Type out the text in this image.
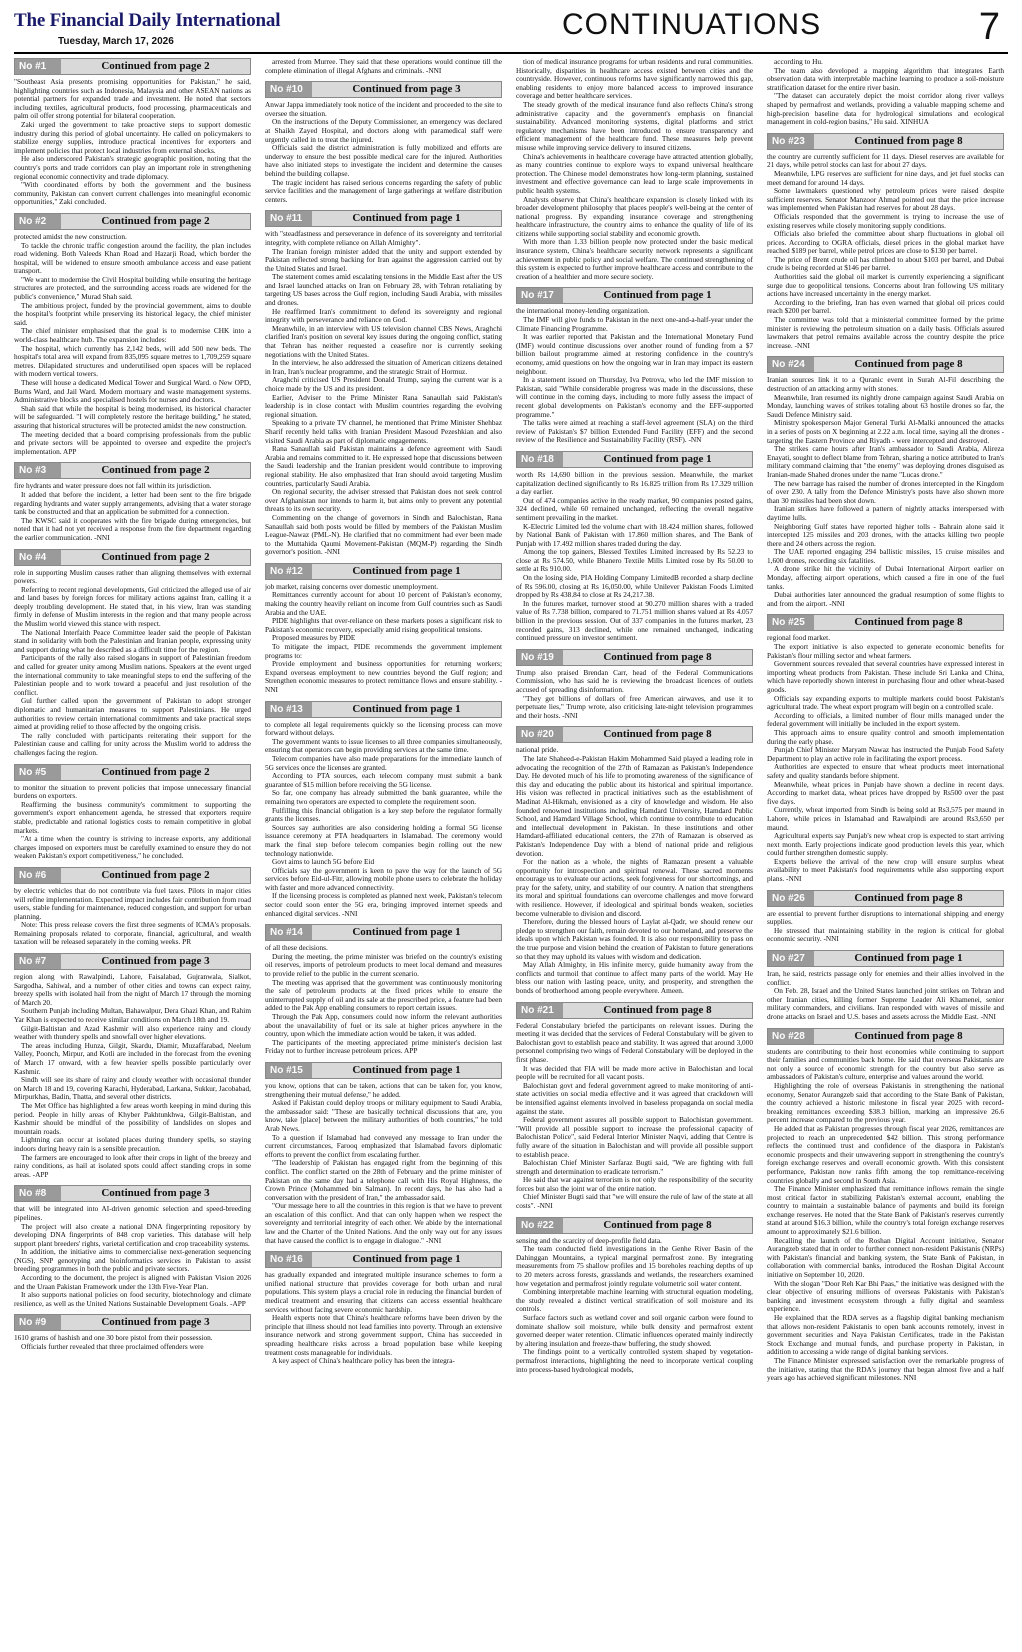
The Financial Daily International
Tuesday, March 17, 2026
CONTINUATIONS	7
No #1	Continued from page 2

"Southeast Asia presents promising opportunities for Pakistan," he said, highlighting countries such as Indonesia, Malaysia and other ASEAN nations as potential partners for expanded trade and investment. He noted that sectors including textiles, agricultural products, food processing, pharmaceuticals and palm oil offer strong potential for bilateral cooperation.

Zaki urged the government to take proactive steps to support domestic industry during this period of global uncertainty. He called on policymakers to stabilize energy supplies, introduce practical incentives for exporters and implement policies that protect local industries from external shocks.

He also underscored Pakistan's strategic geographic position, noting that the country's ports and trade corridors can play an important role in strengthening regional economic connectivity and trade diplomacy.

"With coordinated efforts by both the government and the business community, Pakistan can convert current challenges into meaningful economic opportunities," Zaki concluded.

No #2	Continued from page 2

protected amidst the new construction.

To tackle the chronic traffic congestion around the facility, the plan includes road widening. Both Valeeds Khan Road and Hazarji Road, which border the hospital, will be widened to ensure smooth ambulance access and ease patient transport.

"We want to modernise the Civil Hospital building while ensuring the heritage structures are protected, and the surrounding access roads are widened for the public's convenience," Murad Shah said.

The ambitious project, funded by the provincial government, aims to double the hospital's footprint while preserving its historical legacy, the chief minister said.

The chief minister emphasised that the goal is to modernise CHK into a world-class healthcare hub. The expansion includes:

The hospital, which currently has 2,142 beds, will add 500 new beds. The hospital's total area will expand from 835,095 square metres to 1,709,259 square metres. Dilapidated structures and underutilised open spaces will be replaced with modern vertical towers.

These will house a dedicated Medical Tower and Surgical Ward. o New OPD, Burns Ward, and Jail Ward. Modern mortuary and waste management systems. Administrative blocks and specialised hostels for nurses and doctors.

Shah said that while the hospital is being modernised, its historical character will be safeguarded. "I will completely restore the heritage building," he stated, assuring that historical structures will be protected amidst the new construction.

The meeting decided that a board comprising professionals from the public and private sectors will be appointed to oversee and expedite the project's implementation. APP

No #3	Continued from page 2

fire hydrants and water pressure does not fall within its jurisdiction.

It added that before the incident, a letter had been sent to the fire brigade regarding hydrants and water supply arrangements, advising that a water storage tank be constructed and that an application be submitted for a connection.

The KWSC said it cooperates with the fire brigade during emergencies, but noted that it had not yet received a response from the fire department regarding the earlier communication. -NNI

No #4	Continued from page 2

role in supporting Muslim causes rather than aligning themselves with external powers.

Referring to recent regional developments, Gul criticized the alleged use of air and land bases by foreign forces for military actions against Iran, calling it a deeply troubling development. He stated that, in his view, Iran was standing firmly in defense of Muslim interests in the region and that many people across the Muslim world viewed this stance with respect.

The National Interfaith Peace Committee leader said the people of Pakistan stand in solidarity with both the Palestinian and Iranian people, expressing unity and support during what he described as a difficult time for the region.

Participants of the rally also raised slogans in support of Palestinian freedom and called for greater unity among Muslim nations. Speakers at the event urged the international community to take meaningful steps to end the suffering of the Palestinian people and to work toward a peaceful and just resolution of the conflict.

Gul further called upon the government of Pakistan to adopt stronger diplomatic and humanitarian measures to support Palestinians. He urged authorities to review certain international commitments and take practical steps aimed at providing relief to those affected by the ongoing crisis.

The rally concluded with participants reiterating their support for the Palestinian cause and calling for unity across the Muslim world to address the challenges facing the region.

No #5	Continued from page 2

to monitor the situation to prevent policies that impose unnecessary financial burdens on exporters.

Reaffirming the business community's commitment to supporting the government's export enhancement agenda, he stressed that exporters require stable, predictable and rational logistics costs to remain competitive in global markets.

"At a time when the country is striving to increase exports, any additional charges imposed on exporters must be carefully examined to ensure they do not weaken Pakistan's export competitiveness," he concluded.

No #6	Continued from page 2

by electric vehicles that do not contribute via fuel taxes. Pilots in major cities will refine implementation. Expected impact includes fair contribution from road users, stable funding for maintenance, reduced congestion, and support for urban planning.

Note: This press release covers the first three segments of ICMA's proposals. Remaining proposals related to corporate, financial, agricultural, and wealth taxation will be released separately in the coming weeks. PR

No #7	Continued from page 3

region along with Rawalpindi, Lahore, Faisalabad, Gujranwala, Sialkot, Sargodha, Sahiwal, and a number of other cities and towns can expect rainy, breezy spells with isolated hail from the night of March 17 through the morning of March 20.

Southern Punjab including Multan, Bahawalpur, Dera Ghazi Khan, and Rahim Yar Khan is expected to receive similar conditions on March 18th and 19.

Gilgit-Baltistan and Azad Kashmir will also experience rainy and cloudy weather with thundery spells and snowfall over higher elevations.

The areas including Hunza, Gilgit, Skardu, Diamir, Muzaffarabad, Neelum Valley, Poonch, Mirpur, and Kotli are included in the forecast from the evening of March 17 onward, with a few heavier spells possible particularly over Kashmir.

Sindh will see its share of rainy and cloudy weather with occasional thunder on March 18 and 19, covering Karachi, Hyderabad, Larkana, Sukkur, Jacobabad, Mirpurkhas, Badin, Thatta, and several other districts.

The Met Office has highlighted a few areas worth keeping in mind during this period. People in hilly areas of Khyber Pakhtunkhwa, Gilgit-Baltistan, and Kashmir should be mindful of the possibility of landslides on slopes and mountain roads.

Lightning can occur at isolated places during thundery spells, so staying indoors during heavy rain is a sensible precaution.

The farmers are encouraged to look after their crops in light of the breezy and rainy conditions, as hail at isolated spots could affect standing crops in some areas. -APP

No #8	Continued from page 3

that will be integrated into AI-driven genomic selection and speed-breeding pipelines.

The project will also create a national DNA fingerprinting repository by developing DNA fingerprints of 848 crop varieties. This database will help support plant breeders' rights, varietal certification and crop traceability systems.

In addition, the initiative aims to commercialise next-generation sequencing (NGS), SNP genotyping and bioinformatics services in Pakistan to assist breeding programmes in both the public and private sectors.

According to the document, the project is aligned with Pakistan Vision 2026 and the Uraan Pakistan Framework under the 13th Five-Year Plan.

It also supports national policies on food security, biotechnology and climate resilience, as well as the United Nations Sustainable Development Goals. -APP

No #9	Continued from page 3

1610 grams of hashish and one 30 bore pistol from their possession.

Officials further revealed that three proclaimed offenders were

arrested from Murree. They said that these operations would continue till the complete elimination of illegal Afghans and criminals. -NNI

No #10	Continued from page 3

Anwar Jappa immediately took notice of the incident and proceeded to the site to oversee the situation.

On the instructions of the Deputy Commissioner, an emergency was declared at Shaikh Zayed Hospital, and doctors along with paramedical staff were urgently called in to treat the injured.

Officials said the district administration is fully mobilized and efforts are underway to ensure the best possible medical care for the injured. Authorities have also initiated steps to investigate the incident and determine the causes behind the building collapse.

The tragic incident has raised serious concerns regarding the safety of public service facilities and the management of large gatherings at welfare distribution centers.

No #11	Continued from page 1

with "steadfastness and perseverance in defence of its sovereignty and territorial integrity, with complete reliance on Allah Almighty".

The Iranian foreign minister added that the unity and support extended by Pakistan reflected strong backing for Iran against the aggression carried out by the United States and Israel.

The statement comes amid escalating tensions in the Middle East after the US and Israel launched attacks on Iran on February 28, with Tehran retaliating by targeting US bases across the Gulf region, including Saudi Arabia, with missiles and drones.

He reaffirmed Iran's commitment to defend its sovereignty and regional integrity with perseverance and reliance on God.

Meanwhile, in an interview with US television channel CBS News, Araghchi clarified Iran's position on several key issues during the ongoing conflict, stating that Tehran has neither requested a ceasefire nor is currently seeking negotiations with the United States.

In the interview, he also addressed the situation of American citizens detained in Iran, Iran's nuclear programme, and the strategic Strait of Hormuz.

Araghchi criticised US President Donald Trump, saying the current war is a choice made by the US and its president.

Earlier, Adviser to the Prime Minister Rana Sanaullah said Pakistan's leadership is in close contact with Muslim countries regarding the evolving regional situation.

Speaking to a private TV channel, he mentioned that Prime Minister Shehbaz Sharif recently held talks with Iranian President Masoud Pezeshkian and also visited Saudi Arabia as part of diplomatic engagements.

Rana Sanaullah said Pakistan maintains a defence agreement with Saudi Arabia and remains committed to it. He expressed hope that discussions between the Saudi leadership and the Iranian president would contribute to improving regional stability. He also emphasized that Iran should avoid targeting Muslim countries, particularly Saudi Arabia.

On regional security, the adviser stressed that Pakistan does not seek control over Afghanistan nor intends to harm it, but aims only to prevent any potential threats to its own security.

Commenting on the change of governors in Sindh and Balochistan, Rana Sanaullah said both posts would be filled by members of the Pakistan Muslim League-Nawaz (PML-N). He clarified that no commitment had ever been made to the Muttahida Qaumi Movement-Pakistan (MQM-P) regarding the Sindh governor's position. -NNI

No #12	Continued from page 1

job market, raising concerns over domestic unemployment.

Remittances currently account for about 10 percent of Pakistan's economy, making the country heavily reliant on income from Gulf countries such as Saudi Arabia and the UAE.

PIDE highlights that over-reliance on these markets poses a significant risk to Pakistan's economic recovery, especially amid rising geopolitical tensions.

Proposed measures by PIDE

To mitigate the impact, PIDE recommends the government implement programs to:

Provide employment and business opportunities for returning workers; Expand overseas employment to new countries beyond the Gulf region; and Strengthen economic measures to protect remittance flows and ensure stability. -NNI

No #13	Continued from page 1

to complete all legal requirements quickly so the licensing process can move forward without delays.

The government wants to issue licenses to all three companies simultaneously, ensuring that operators can begin providing services at the same time.

Telecom companies have also made preparations for the immediate launch of 5G services once the licenses are granted.

According to PTA sources, each telecom company must submit a bank guarantee of $15 million before receiving the 5G license.

So far, one company has already submitted the bank guarantee, while the remaining two operators are expected to complete the requirement soon.

Fulfilling this financial obligation is a key step before the regulator formally grants the licenses.

Sources say authorities are also considering holding a formal 5G license issuance ceremony at PTA headquarters in Islamabad. The ceremony would mark the final step before telecom companies begin rolling out the new technology nationwide.

Govt aims to launch 5G before Eid

Officials say the government is keen to pave the way for the launch of 5G services before Eid-ul-Fitr, allowing mobile phone users to celebrate the holiday with faster and more advanced connectivity.

If the licensing process is completed as planned next week, Pakistan's telecom sector could soon enter the 5G era, bringing improved internet speeds and enhanced digital services. -NNI

No #14	Continued from page 1

of all these decisions.

During the meeting, the prime minister was briefed on the country's existing oil reserves, imports of petroleum products to meet local demand and measures to provide relief to the public in the current scenario.

The meeting was apprised that the government was continuously monitoring the sale of petroleum products at the fixed prices while to ensure the uninterrupted supply of oil and its sale at the prescribed price, a feature had been added to the Pak App enabling consumers to report certain issues.

Through the Pak App, consumers could now inform the relevant authorities about the unavailability of fuel or its sale at higher prices anywhere in the country, upon which the immediate action would be taken, it was added.

The participants of the meeting appreciated prime minister's decision last Friday not to further increase petroleum prices. APP

No #15	Continued from page 1

you know, options that can be taken, actions that can be taken for, you know, strengthening their mutual defense," he added.

Asked if Pakistan could deploy troops or military equipment to Saudi Arabia, the ambassador said: "These are basically technical discussions that are, you know, take [place] between the military authorities of both countries," he told Arab News.

To a question if Islamabad had conveyed any message to Iran under the current circumstances, Farooq emphasized that Islamabad favors diplomatic efforts to prevent the conflict from escalating further.

"The leadership of Pakistan has engaged right from the beginning of this conflict. The conflict started on the 28th of February and the prime minister of Pakistan on the same day had a telephone call with His Royal Highness, the Crown Prince (Mohammed bin Salman). In recent days, he has also had a conversation with the president of Iran," the ambassador said.

"Our message here to all the countries in this region is that we have to prevent an escalation of this conflict. And that can only happen when we respect the sovereignty and territorial integrity of each other. We abide by the international law and the Charter of the United Nations. And the only way out for any issues that have caused the conflict is to engage in dialogue." -NNI

No #16	Continued from page 1

has gradually expanded and integrated multiple insurance schemes to form a unified national structure that provides coverage for both urban and rural populations. This system plays a crucial role in reducing the financial burden of medical treatment and ensuring that citizens can access essential healthcare services without facing severe economic hardship.

Health experts note that China's healthcare reforms have been driven by the principle that illness should not lead families into poverty. Through an extensive insurance network and strong government support, China has succeeded in spreading healthcare risks across a broad population base while keeping treatment costs manageable for individuals.

A key aspect of China's healthcare policy has been the integra-

tion of medical insurance programs for urban residents and rural communities. Historically, disparities in healthcare access existed between cities and the countryside. However, continuous reforms have significantly narrowed this gap, enabling residents to enjoy more balanced access to improved insurance coverage and better healthcare services.

The steady growth of the medical insurance fund also reflects China's strong administrative capacity and the government's emphasis on financial sustainability. Advanced monitoring systems, digital platforms and strict regulatory mechanisms have been introduced to ensure transparency and efficient management of the healthcare fund. These measures help prevent misuse while improving service delivery to insured citizens.

China's achievements in healthcare coverage have attracted attention globally, as many countries continue to explore ways to expand universal healthcare protection. The Chinese model demonstrates how long-term planning, sustained investment and effective governance can lead to large scale improvements in public health systems.

Analysts observe that China's healthcare expansion is closely linked with its broader development philosophy that places people's well-being at the center of national progress. By expanding insurance coverage and strengthening healthcare infrastructure, the country aims to enhance the quality of life of its citizens while supporting social stability and economic growth.

With more than 1.33 billion people now protected under the basic medical insurance system, China's healthcare security network represents a significant achievement in public policy and social welfare. The continued strengthening of this system is expected to further improve healthcare access and contribute to the creation of a healthier and more secure society.

No #17	Continued from page 1

the international money-lending organization.

The IMF will give funds to Pakistan in the next one-and-a-half-year under the Climate Financing Programme.

It was earlier reported that Pakistan and the International Monetary Fund (IMF) would continue discussions over another round of funding from a $7 billion bailout programme aimed at restoring confidence in the country's economy, amid questions on how the ongoing war in Iran may impact its eastern neighbour.

In a statement issued on Thursday, Iva Petrova, who led the IMF mission to Pakistan, said "While considerable progress was made in the discussions, these will continue in the coming days, including to more fully assess the impact of recent global developments on Pakistan's economy and the EFF-supported programme."

The talks were aimed at reaching a staff-level agreement (SLA) on the third review of Pakistan's $7 billion Extended Fund Facility (EFF) and the second review of the Resilience and Sustainability Facility (RSF). -NN

No #18	Continued from page 1

worth Rs 14,690 billion in the previous session. Meanwhile, the market capitalization declined significantly to Rs 16.825 trillion from Rs 17.329 trillion a day earlier.

Out of 474 companies active in the ready market, 90 companies posted gains, 324 declined, while 60 remained unchanged, reflecting the overall negative sentiment prevailing in the market.

K-Electric Limited led the volume chart with 18.424 million shares, followed by National Bank of Pakistan with 17.860 million shares, and The Bank of Punjab with 17.492 million shares traded during the day.

Among the top gainers, Blessed Textiles Limited increased by Rs 52.23 to close at Rs 574.50, while Bhanero Textile Mills Limited rose by Rs 50.00 to settle at Rs 910.00.

On the losing side, PIA Holding Company LimitedB recorded a sharp decline of Rs 596.00, closing at Rs 16,050.00, while Unilever Pakistan Foods Limited dropped by Rs 438.84 to close at Rs 24,217.38.

In the futures market, turnover stood at 90.270 million shares with a traded value of Rs 7.738 billion, compared to 71.751 million shares valued at Rs 4.057 billion in the previous session. Out of 337 companies in the futures market, 23 recorded gains, 313 declined, while one remained unchanged, indicating continued pressure on investor sentiment.

No #19	Continued from page 8

Trump also praised Brendan Carr, head of the Federal Communications Commission, who has said he is reviewing the broadcast licences of outlets accused of spreading disinformation.

"They get billions of dollars of free American airwaves, and use it to perpetuate lies," Trump wrote, also criticising late-night television programmes and their hosts. -NNI

No #20	Continued from page 8

national pride.

The late Shaheed-e-Pakistan Hakim Mohammed Said played a leading role in advocating the recognition of the 27th of Ramazan as Pakistan's Independence Day. He devoted much of his life to promoting awareness of the significance of this day and educating the public about its historical and spiritual importance. His vision was reflected in practical initiatives such as the establishment of Madinat Al-Hikmah, envisioned as a city of knowledge and wisdom. He also founded renowned institutions including Hamdard University, Hamdard Public School, and Hamdard Village School, which continue to contribute to education and intellectual development in Pakistan. In these institutions and other Hamdard-affiliated educational centers, the 27th of Ramazan is observed as Pakistan's Independence Day with a blend of national pride and religious devotion.

For the nation as a whole, the nights of Ramazan present a valuable opportunity for introspection and spiritual renewal. These sacred moments encourage us to evaluate our actions, seek forgiveness for our shortcomings, and pray for the safety, unity, and stability of our country. A nation that strengthens its moral and spiritual foundations can overcome challenges and move forward with resilience. However, if ideological and spiritual bonds weaken, societies become vulnerable to division and discord.

Therefore, during the blessed hours of Laylat al-Qadr, we should renew our pledge to strengthen our faith, remain devoted to our homeland, and preserve the ideals upon which Pakistan was founded. It is also our responsibility to pass on the true purpose and vision behind the creation of Pakistan to future generations so that they may uphold its values with wisdom and dedication.

May Allah Almighty, in His infinite mercy, guide humanity away from the conflicts and turmoil that continue to affect many parts of the world. May He bless our nation with lasting peace, unity, and prosperity, and strengthen the bonds of brotherhood among people everywhere. Ameen.

No #21	Continued from page 8

Federal Constabulary briefed the participants on relevant issues. During the meeting it was decided that the services of Federal Constabulary will be given to Balochistan govt to establish peace and stability. It was agreed that around 3,000 personnel comprising two wings of Federal Constabulary will be deployed in the first phase.

It was decided that FIA will be made more active in Balochistan and local people will be recruited for all vacant posts.

Balochistan govt and federal government agreed to make monitoring of anti-state activities on social media effective and it was agreed that crackdown will be intensified against elements involved in baseless propaganda on social media against the state.

Federal government assures all possible support to Balochistan government. "Will provide all possible support to increase the professional capacity of Balochistan Police", said Federal Interior Minister Naqvi, adding that Centre is fully aware of the situation in Balochistan and will provide all possible support to establish peace.

Balochistan Chief Minister Sarfaraz Bugti said, "We are fighting with full strength and determination to eradicate terrorism."

He said that war against terrorism is not only the responsibility of the security forces but also the joint war of the entire nation.

Chief Minister Bugti said that "we will ensure the rule of law of the state at all costs". -NNI

No #22	Continued from page 8

sensing and the scarcity of deep-profile field data.

The team conducted field investigations in the Genhe River Basin of the Dahinggan Mountains, a typical marginal permafrost zone. By integrating measurements from 75 shallow profiles and 15 boreholes reaching depths of up to 20 meters across forests, grasslands and wetlands, the researchers examined how vegetation and permafrost jointly regulate volumetric soil water content.

Combining interpretable machine learning with structural equation modeling, the study revealed a distinct vertical stratification of soil moisture and its controls.

Surface factors such as wetland cover and soil organic carbon were found to dominate shallow soil moisture, while bulk density and permafrost extent governed deeper water retention. Climatic influences operated mainly indirectly by altering insulation and freeze-thaw buffering, the study showed.

The findings point to a vertically controlled system shaped by vegetation-permafrost interactions, highlighting the need to incorporate vertical coupling into process-based hydrological models,

according to Hu.

The team also developed a mapping algorithm that integrates Earth observation data with interpretable machine learning to produce a soil-moisture stratification dataset for the entire river basin.

"The dataset can accurately depict the moist corridor along river valleys shaped by permafrost and wetlands, providing a valuable mapping scheme and high-precision baseline data for hydrological simulations and ecological management in cold-region basins," Hu said. XINHUA

No #23	Continued from page 8

the country are currently sufficient for 11 days. Diesel reserves are available for 21 days, while petrol stocks can last for about 27 days.

Meanwhile, LPG reserves are sufficient for nine days, and jet fuel stocks can meet demand for around 14 days.

Some lawmakers questioned why petroleum prices were raised despite sufficient reserves. Senator Manzoor Ahmad pointed out that the price increase was implemented when Pakistan had reserves for about 28 days.

Officials responded that the government is trying to increase the use of existing reserves while closely monitoring supply conditions.

Officials also briefed the committee about sharp fluctuations in global oil prices. According to OGRA officials, diesel prices in the global market have reached $189 per barrel, while petrol prices are close to $130 per barrel.

The price of Brent crude oil has climbed to about $103 per barrel, and Dubai crude is being recorded at $146 per barrel.

Authorities said the global oil market is currently experiencing a significant surge due to geopolitical tensions. Concerns about Iran following US military actions have increased uncertainty in the energy market.

According to the briefing, Iran has even warned that global oil prices could reach $200 per barrel.

The committee was told that a ministerial committee formed by the prime minister is reviewing the petroleum situation on a daily basis. Officials assured lawmakers that petrol remains available across the country despite the price increase. -NNI

No #24	Continued from page 8

Iranian sources link it to a Quranic event in Surah Al-Fil describing the destruction of an attacking army with stones.

Meanwhile, Iran resumed its nightly drone campaign against Saudi Arabia on Monday, launching waves of strikes totaling about 63 hostile drones so far, the Saudi Defence Ministry said.

Ministry spokesperson Major General Turki Al-Malki announced the attacks in a series of posts on X beginning at 2.22 a.m. local time, saying all the drones - targeting the Eastern Province and Riyadh - were intercepted and destroyed.

The strikes came hours after Iran's ambassador to Saudi Arabia, Alireza Enayati, sought to deflect blame from Tehran, sharing a notice attributed to Iran's military command claiming that "the enemy" was deploying drones disguised as Iranian-made Shahed drones under the name "Lucas drone."

The new barrage has raised the number of drones intercepted in the Kingdom of over 230. A tally from the Defence Ministry's posts have also shown more than 30 missiles had been shot down.

Iranian strikes have followed a pattern of nightly attacks interspersed with daytime lulls.

Neighboring Gulf states have reported higher tolls - Bahrain alone said it intercepted 125 missiles and 203 drones, with the attacks killing two people there and 24 others across the region.

The UAE reported engaging 294 ballistic missiles, 15 cruise missiles and 1,600 drones, recording six fatalities.

A drone strike hit the vicinity of Dubai International Airport earlier on Monday, affecting airport operations, which caused a fire in one of the fuel tanks.

Dubai authorities later announced the gradual resumption of some flights to and from the airport. -NNI

No #25	Continued from page 8

regional food market.

The export initiative is also expected to generate economic benefits for Pakistan's flour milling sector and wheat farmers.

Government sources revealed that several countries have expressed interest in importing wheat products from Pakistan. These include Sri Lanka and China, which have reportedly shown interest in purchasing flour and other wheat-based goods.

Officials say expanding exports to multiple markets could boost Pakistan's agricultural trade. The wheat export program will begin on a controlled scale.

According to officials, a limited number of flour mills managed under the federal government will initially be included in the export system.

This approach aims to ensure quality control and smooth implementation during the early phase.

Punjab Chief Minister Maryam Nawaz has instructed the Punjab Food Safety Department to play an active role in facilitating the export process.

Authorities are expected to ensure that wheat products meet international safety and quality standards before shipment.

Meanwhile, wheat prices in Punjab have shown a decline in recent days. According to market data, wheat prices have dropped by Rs500 over the past five days.

Currently, wheat imported from Sindh is being sold at Rs3,575 per maund in Lahore, while prices in Islamabad and Rawalpindi are around Rs3,650 per maund.

Agricultural experts say Punjab's new wheat crop is expected to start arriving next month. Early projections indicate good production levels this year, which could further strengthen domestic supply.

Experts believe the arrival of the new crop will ensure surplus wheat availability to meet Pakistan's food requirements while also supporting export plans. -NNI

No #26	Continued from page 8

are essential to prevent further disruptions to international shipping and energy supplies.

He stressed that maintaining stability in the region is critical for global economic security. -NNI

No #27	Continued from page 1

Iran, he said, restricts passage only for enemies and their allies involved in the conflict.

On Feb. 28, Israel and the United States launched joint strikes on Tehran and other Iranian cities, killing former Supreme Leader Ali Khamenei, senior military commanders, and civilians. Iran responded with waves of missile and drone attacks on Israel and U.S. bases and assets across the Middle East. -NNI

No #28	Continued from page 8

students are contributing to their host economies while continuing to support their families and communities back home. He said that overseas Pakistanis are not only a source of economic strength for the country but also serve as ambassadors of Pakistan's culture, enterprise and values around the world.

Highlighting the role of overseas Pakistanis in strengthening the national economy, Senator Aurangzeb said that according to the State Bank of Pakistan, the country achieved a historic milestone in fiscal year 2025 with record-breaking remittances exceeding $38.3 billion, marking an impressive 26.6 percent increase compared to the previous year.

He added that as Pakistan progresses through fiscal year 2026, remittances are projected to reach an unprecedented $42 billion. This strong performance reflects the continued trust and confidence of the diaspora in Pakistan's economic prospects and their unwavering support in strengthening the country's foreign exchange reserves and overall economic growth. With this consistent performance, Pakistan now ranks fifth among the top remittance-receiving countries globally and second in South Asia.

The Finance Minister emphasized that remittance inflows remain the single most critical factor in stabilizing Pakistan's external account, enabling the country to maintain a sustainable balance of payments and build its foreign exchange reserves. He noted that the State Bank of Pakistan's reserves currently stand at around $16.3 billion, while the country's total foreign exchange reserves amount to approximately $21.6 billion.

Recalling the launch of the Roshan Digital Account initiative, Senator Aurangzeb stated that in order to further connect non-resident Pakistanis (NRPs) with Pakistan's financial and banking system, the State Bank of Pakistan, in collaboration with commercial banks, introduced the Roshan Digital Account initiative on September 10, 2020.

With the slogan "Door Reh Kar Bhi Paas," the initiative was designed with the clear objective of ensuring millions of overseas Pakistanis with Pakistan's banking and investment ecosystem through a fully digital and seamless experience.

He explained that the RDA serves as a flagship digital banking mechanism that allows non-resident Pakistanis to open bank accounts remotely, invest in government securities and Naya Pakistan Certificates, trade in the Pakistan Stock Exchange and mutual funds, and purchase property in Pakistan, in addition to accessing a wide range of digital banking services.

The Finance Minister expressed satisfaction over the remarkable progress of the initiative, stating that the RDA's journey that began almost five and a half years ago has achieved significant milestones. NNI
